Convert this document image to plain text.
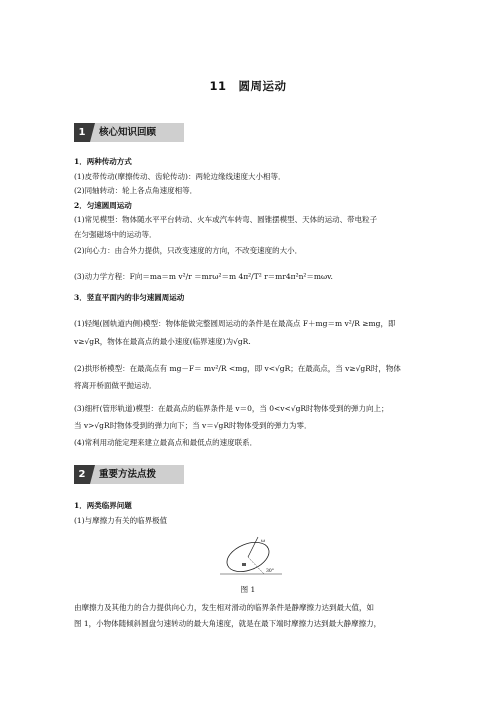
11　圆周运动
1	核心知识回顾
1．两种传动方式
(1)皮带传动(摩擦传动、齿轮传动)：两轮边缘线速度大小相等．
(2)同轴转动：轮上各点角速度相等．
2．匀速圆周运动
(1)常见模型：物体随水平平台转动、火车或汽车转弯、圆锥摆模型、天体的运动、带电粒子
在匀强磁场中的运动等．
(2)向心力：由合外力提供，只改变速度的方向，不改变速度的大小．
(3)动力学方程：F向＝ma＝m v²/r ＝mrω²＝m 4π²/T² r＝mr4π²n²＝mωv.
3．竖直平面内的非匀速圆周运动
(1)轻绳(圆轨道内侧)模型：物体能做完整圆周运动的条件是在最高点 F＋mg＝m v²/R ≥mg，即
v≥√gR，物体在最高点的最小速度(临界速度)为√gR.
(2)拱形桥模型：在最高点有 mg－F＝ mv²/R <mg，即 v<√gR；在最高点，当 v≥√gR时，物体
将离开桥面做平抛运动．
(3)细杆(管形轨道)模型：在最高点的临界条件是 v＝0，当 0<v<√gR时物体受到的弹力向上；
当 v>√gR时物体受到的弹力向下；当 v＝√gR时物体受到的弹力为零．
(4)常利用动能定理来建立最高点和最低点的速度联系．
2	重要方法点拨
1．两类临界问题
(1)与摩擦力有关的临界极值
ω
30°
图 1
由摩擦力及其他力的合力提供向心力，发生相对滑动的临界条件是静摩擦力达到最大值，如
图 1，小物体随倾斜圆盘匀速转动的最大角速度，就是在最下端时摩擦力达到最大静摩擦力，
